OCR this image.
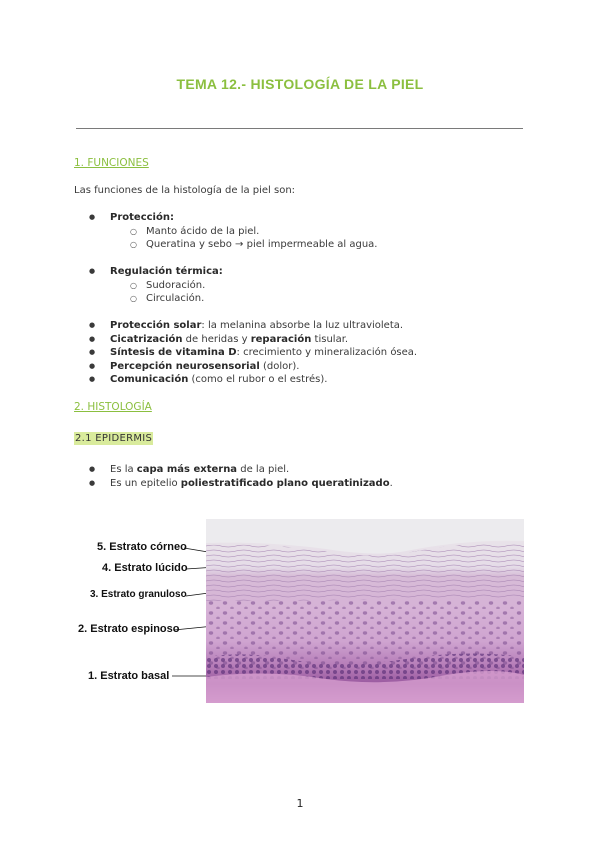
TEMA 12.- HISTOLOGÍA DE LA PIEL
1. FUNCIONES
Las funciones de la histología de la piel son:
● Protección:
○ Manto ácido de la piel.
○ Queratina y sebo → piel impermeable al agua.
● Regulación térmica:
○ Sudoración.
○ Circulación.
● Protección solar: la melanina absorbe la luz ultravioleta.
● Cicatrización de heridas y reparación tisular.
● Síntesis de vitamina D: crecimiento y mineralización ósea.
● Percepción neurosensorial (dolor).
● Comunicación (como el rubor o el estrés).
2. HISTOLOGÍA
2.1 EPIDERMIS
● Es la capa más externa de la piel.
● Es un epitelio poliestratificado plano queratinizado.
5. Estrato córneo
4. Estrato lúcido
3. Estrato granuloso
2. Estrato espinoso
1. Estrato basal
1
